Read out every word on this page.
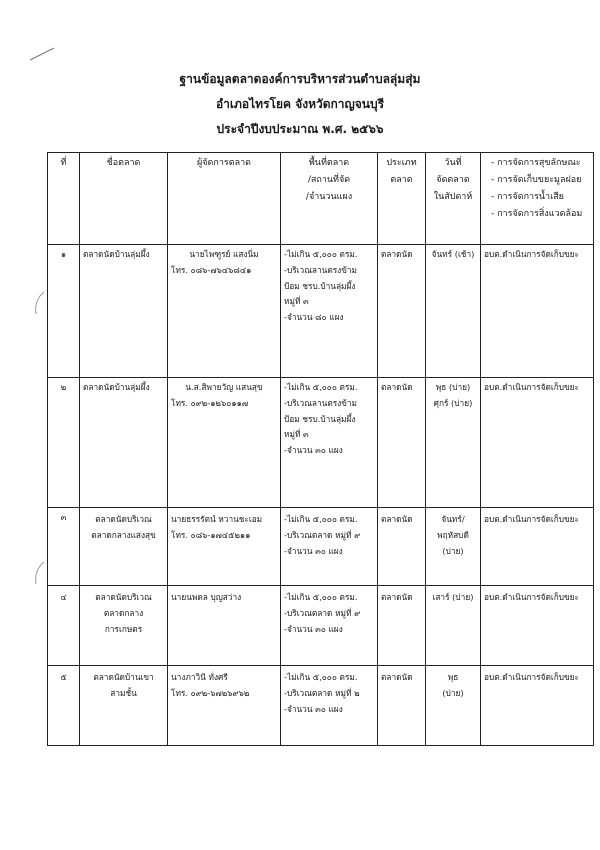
ฐานข้อมูลตลาดองค์การบริหารส่วนตำบลลุ่มสุ่ม
อำเภอไทรโยค จังหวัดกาญจนบุรี
ประจำปีงบประมาณ พ.ศ. ๒๕๖๖
ที่	ชื่อตลาด	ผู้จัดการตลาด	พื้นที่ตลาด
/สถานที่จัด
/จำนวนแผง	ประเภท
ตลาด	วันที่
จัดตลาด
ในสัปดาห์	- การจัดการสุขลักษณะ
- การจัดเก็บขยะมูลฝอย
- การจัดการน้ำเสีย
- การจัดการสิ่งแวดล้อม

๑	ตลาดนัดบ้านลุ่มผึ้ง	นายไพฑูรย์ แสงนิ่ม
โทร. ๐๘๖-๗๖๔๖๘๔๑	-ไม่เกิน ๕,๐๐๐ ตรม.
-บริเวณลานตรงข้าม
ป้อม ชรบ.บ้านลุ่มผึ้ง
หมู่ที่ ๓
-จำนวน ๘๐ แผง	ตลาดนัด	จันทร์ (เช้า)	อบต.ดำเนินการจัดเก็บขยะ
๒	ตลาดนัดบ้านลุ่มผึ้ง	น.ส.สิพายวัญ แสนสุข
โทร. ๐๙๒-๑๒๖๐๑๑๗	-ไม่เกิน ๕,๐๐๐ ตรม.
-บริเวณลานตรงข้าม
ป้อม ชรบ.บ้านลุ่มผึ้ง
หมู่ที่ ๓
-จำนวน ๓๐ แผง	ตลาดนัด	พุธ (บ่าย)
ศุกร์ (บ่าย)	อบต.ดำเนินการจัดเก็บขยะ
๓	ตลาดนัดบริเวณ
ตลาดกลางแสงสุข	นายธรรรัตน์ หวานชะเอม
โทร. ๐๘๖-๑๗๔๕๒๑๑	-ไม่เกิน ๕,๐๐๐ ตรม.
-บริเวณตลาด หมู่ที่ ๙
-จำนวน ๓๐ แผง	ตลาดนัด	จันทร์/
พฤหัสบดี
(บ่าย)	อบต.ดำเนินการจัดเก็บขยะ
๔	ตลาดนัดบริเวณ
ตลาดกลาง
การเกษตร	นายนพดล บุญสว่าง	-ไม่เกิน ๕,๐๐๐ ตรม.
-บริเวณตลาด หมู่ที่ ๙
-จำนวน ๓๐ แผง	ตลาดนัด	เสาร์ (บ่าย)	อบต.ดำเนินการจัดเก็บขยะ
๕	ตลาดนัดบ้านเขา
สามชั้น	นางภาวินี ทั่งศรี
โทร. ๐๙๒-๖๗๒๖๙๖๒	-ไม่เกิน ๕,๐๐๐ ตรม.
-บริเวณตลาด หมู่ที่ ๒
-จำนวน ๓๐ แผง	ตลาดนัด	พุธ
(บ่าย)	อบต.ดำเนินการจัดเก็บขยะ
